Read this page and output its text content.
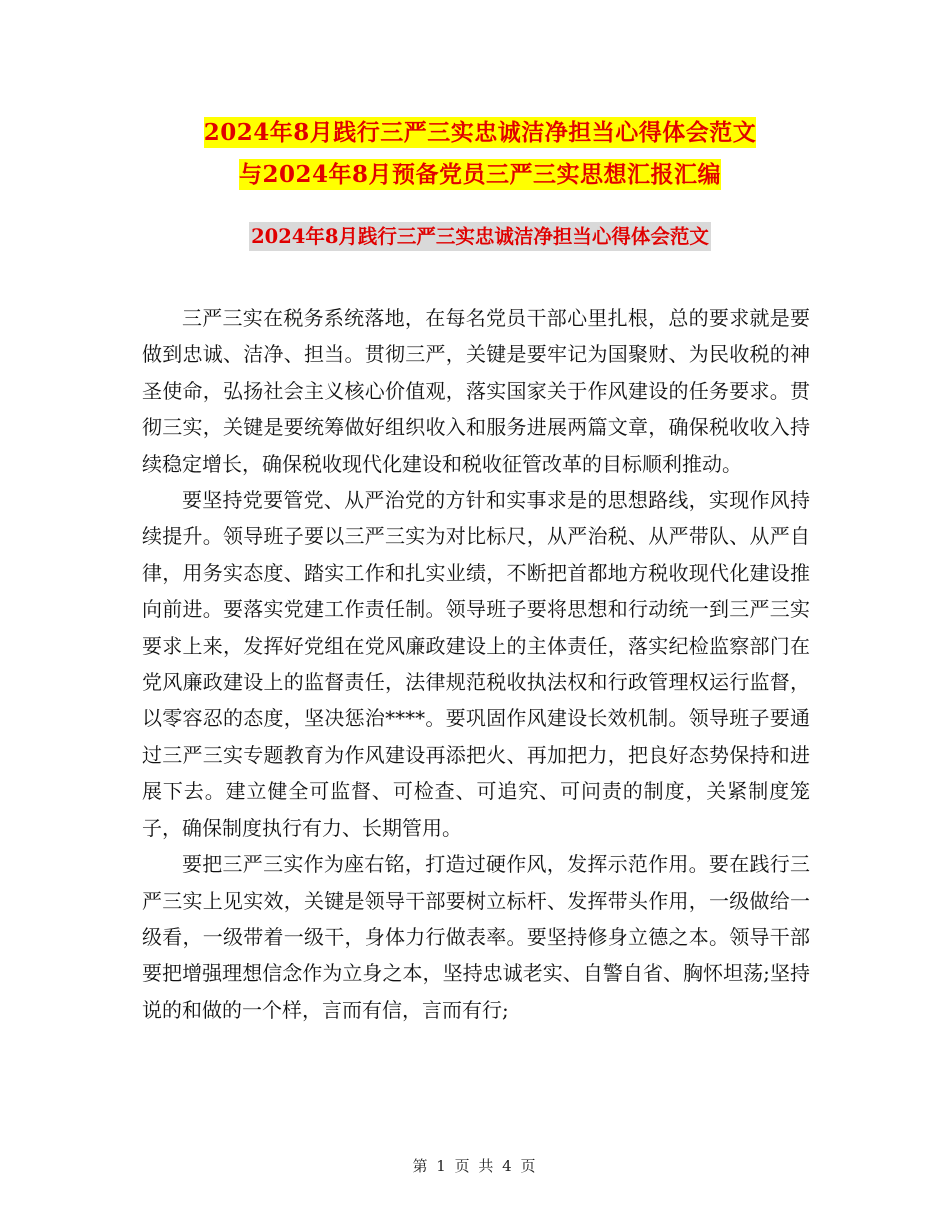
2024年8月践行三严三实忠诚洁净担当心得体会范文
与2024年8月预备党员三严三实思想汇报汇编
2024年8月践行三严三实忠诚洁净担当心得体会范文

三严三实在税务系统落地，在每名党员干部心里扎根，总的要求就是要做到忠诚、洁净、担当。贯彻三严，关键是要牢记为国聚财、为民收税的神圣使命，弘扬社会主义核心价值观，落实国家关于作风建设的任务要求。贯彻三实，关键是要统筹做好组织收入和服务进展两篇文章，确保税收收入持续稳定增长，确保税收现代化建设和税收征管改革的目标顺利推动。

要坚持党要管党、从严治党的方针和实事求是的思想路线，实现作风持续提升。领导班子要以三严三实为对比标尺，从严治税、从严带队、从严自律，用务实态度、踏实工作和扎实业绩，不断把首都地方税收现代化建设推向前进。要落实党建工作责任制。领导班子要将思想和行动统一到三严三实要求上来，发挥好党组在党风廉政建设上的主体责任，落实纪检监察部门在党风廉政建设上的监督责任，法律规范税收执法权和行政管理权运行监督，以零容忍的态度，坚决惩治****。要巩固作风建设长效机制。领导班子要通过三严三实专题教育为作风建设再添把火、再加把力，把良好态势保持和进展下去。建立健全可监督、可检查、可追究、可问责的制度，关紧制度笼子，确保制度执行有力、长期管用。

要把三严三实作为座右铭，打造过硬作风，发挥示范作用。要在践行三严三实上见实效，关键是领导干部要树立标杆、发挥带头作用，一级做给一级看，一级带着一级干，身体力行做表率。要坚持修身立德之本。领导干部要把增强理想信念作为立身之本，坚持忠诚老实、自警自省、胸怀坦荡;坚持说的和做的一个样，言而有信，言而有行;

第 1 页 共 4 页
